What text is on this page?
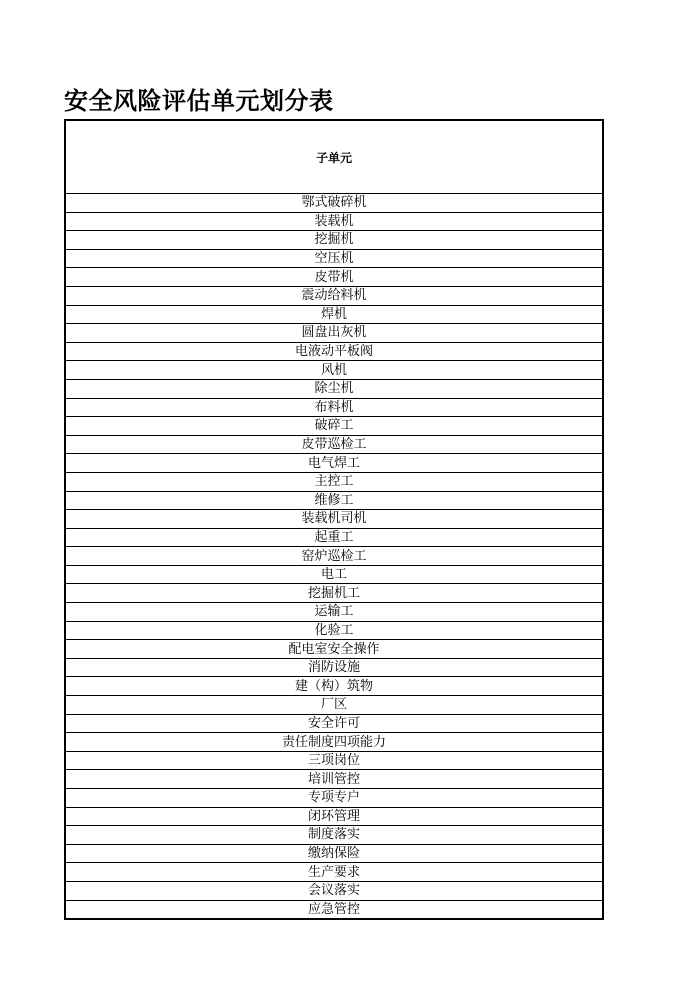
安全风险评估单元划分表
子单元
鄂式破碎机
装载机
挖掘机
空压机
皮带机
震动给料机
焊机
圆盘出灰机
电液动平板阀
风机
除尘机
布料机
破碎工
皮带巡检工
电气焊工
主控工
维修工
装载机司机
起重工
窑炉巡检工
电工
挖掘机工
运输工
化验工
配电室安全操作
消防设施
建（构）筑物
厂区
安全许可
责任制度四项能力
三项岗位
培训管控
专项专户
闭环管理
制度落实
缴纳保险
生产要求
会议落实
应急管控
